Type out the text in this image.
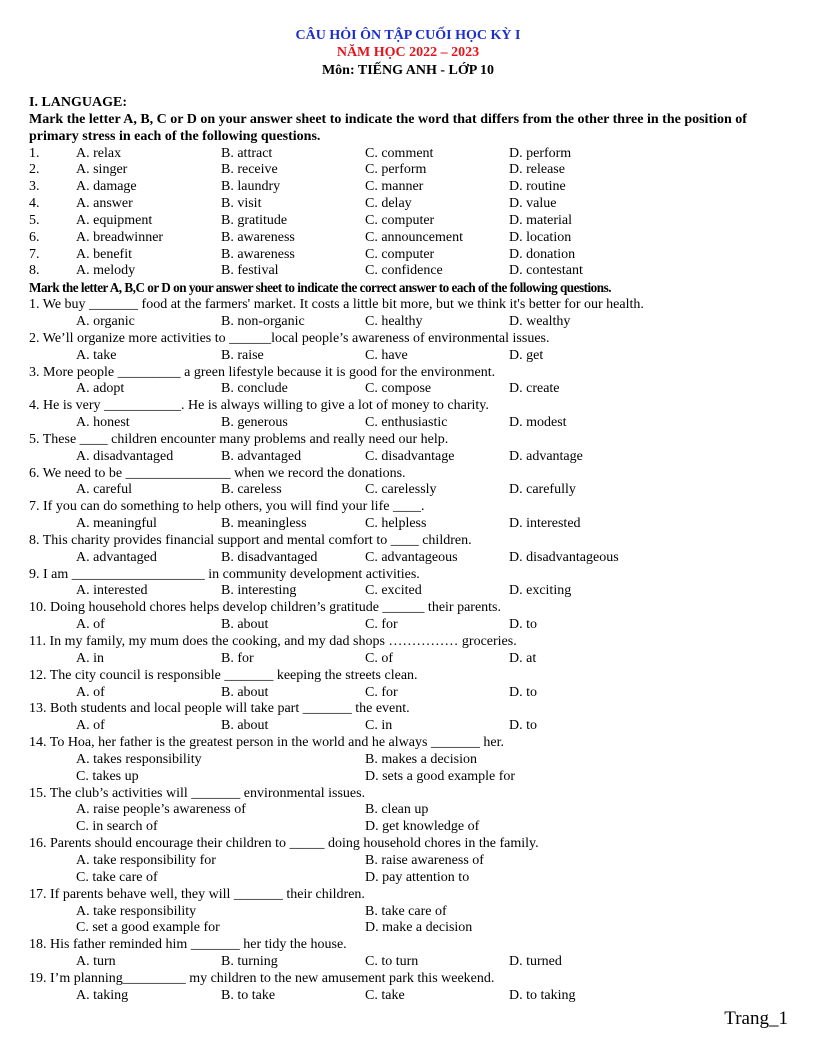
CÂU HỎI ÔN TẬP CUỐI HỌC KỲ I
NĂM HỌC 2022 – 2023
Môn: TIẾNG ANH - LỚP 10
I. LANGUAGE:
Mark the letter A, B, C or D on your answer sheet to indicate the word that differs from the other three in the position of primary stress in each of the following questions.
1.	A. relax	B. attract	C. comment	D. perform
2.	A. singer	B. receive	C. perform	D. release
3.	A. damage	B. laundry	C. manner	D. routine
4.	A. answer	B. visit	C. delay	D. value
5.	A. equipment	B. gratitude	C. computer	D. material
6.	A. breadwinner	B. awareness	C. announcement	D. location
7.	A. benefit	B. awareness	C. computer	D. donation
8.	A. melody	B. festival	C. confidence	D. contestant
Mark the letter A, B,C or D on your answer sheet to indicate the correct answer to each of the following questions.
1. We buy _______ food at the farmers' market. It costs a little bit more, but we think it's better for our health.
A. organic	B. non-organic	C. healthy	D. wealthy
2. We’ll organize more activities to ______local people’s awareness of environmental issues.
A. take	B. raise	C. have	D. get
3. More people _________ a green lifestyle because it is good for the environment.
A. adopt	B. conclude	C. compose	D. create
4. He is very ___________. He is always willing to give a lot of money to charity.
A. honest	B. generous	C. enthusiastic	D. modest
5. These ____ children encounter many problems and really need our help.
A. disadvantaged	B. advantaged	C. disadvantage	D. advantage
6. We need to be _______________ when we record the donations.
A. careful	B. careless	C. carelessly	D. carefully
7. If you can do something to help others, you will find your life ____.
A. meaningful	B. meaningless	C. helpless	D. interested
8. This charity provides financial support and mental comfort to ____ children.
A. advantaged	B. disadvantaged	C. advantageous	D. disadvantageous
9. I am ___________________ in community development activities.
A. interested	B. interesting	C. excited	D. exciting
10. Doing household chores helps develop children’s gratitude ______ their parents.
A. of	B. about	C. for	D. to
11. In my family, my mum does the cooking, and my dad shops …………… groceries.
A. in	B. for	C. of	D. at
12. The city council is responsible _______ keeping the streets clean.
A. of	B. about	C. for	D. to
13. Both students and local people will take part _______ the event.
A. of	B. about	C. in	D. to
14. To Hoa, her father is the greatest person in the world and he always _______ her.
A. takes responsibility	B. makes a decision
C. takes up	D. sets a good example for
15. The club’s activities will _______ environmental issues.
A. raise people’s awareness of	B. clean up
C. in search of	D. get knowledge of
16. Parents should encourage their children to _____ doing household chores in the family.
A. take responsibility for	B. raise awareness of
C. take care of	D. pay attention to
17. If parents behave well, they will _______ their children.
A. take responsibility	B. take care of
C. set a good example for	D. make a decision
18. His father reminded him _______ her tidy the house.
A. turn	B. turning	C. to turn	D. turned
19. I’m planning_________ my children to the new amusement park this weekend.
A. taking	B. to take	C. take	D. to taking
Trang_1
